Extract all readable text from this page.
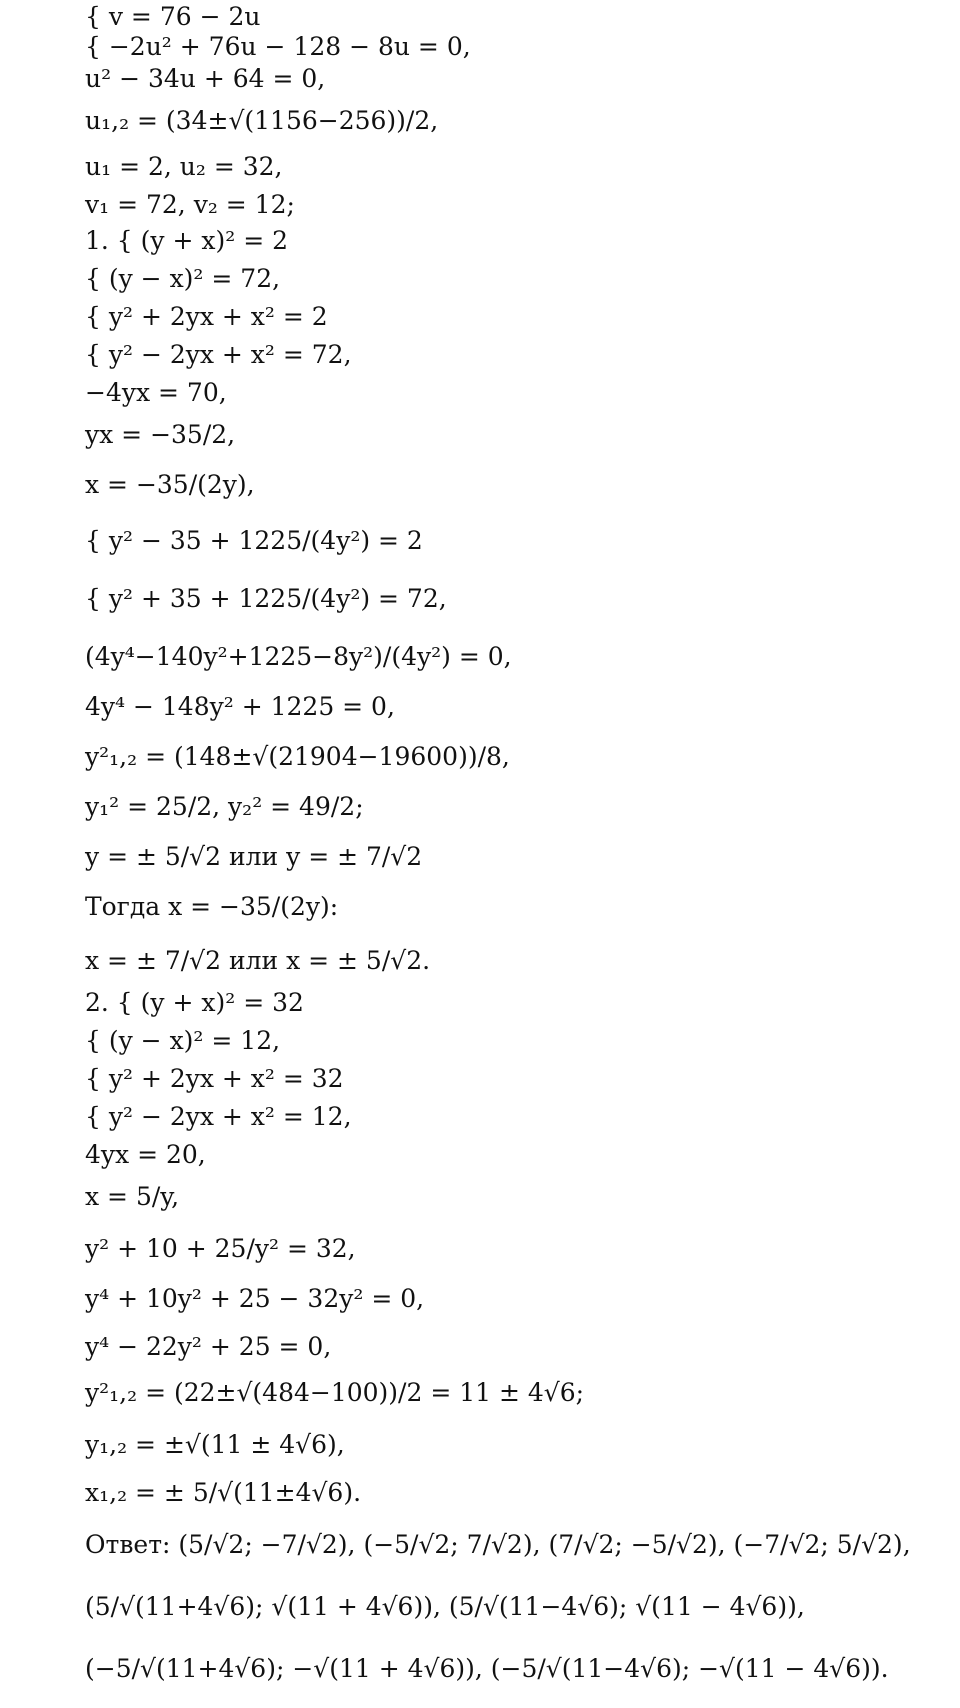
{ v = 76 − 2u
{ −2u² + 76u − 128 − 8u = 0,
u² − 34u + 64 = 0,
u₁,₂ = (34±√(1156−256))/2,
u₁ = 2, u₂ = 32,
v₁ = 72, v₂ = 12;
1. { (y + x)² = 2
{ (y − x)² = 72,
{ y² + 2yx + x² = 2
{ y² − 2yx + x² = 72,
−4yx = 70,
yx = −35/2,
x = −35/(2y),
{ y² − 35 + 1225/(4y²) = 2
{ y² + 35 + 1225/(4y²) = 72,
(4y⁴−140y²+1225−8y²)/(4y²) = 0,
4y⁴ − 148y² + 1225 = 0,
y²₁,₂ = (148±√(21904−19600))/8,
y₁² = 25/2, y₂² = 49/2;
y = ± 5/√2 или y = ± 7/√2
Тогда x = −35/(2y):
x = ± 7/√2 или x = ± 5/√2.
2. { (y + x)² = 32
{ (y − x)² = 12,
{ y² + 2yx + x² = 32
{ y² − 2yx + x² = 12,
4yx = 20,
x = 5/y,
y² + 10 + 25/y² = 32,
y⁴ + 10y² + 25 − 32y² = 0,
y⁴ − 22y² + 25 = 0,
y²₁,₂ = (22±√(484−100))/2 = 11 ± 4√6;
y₁,₂ = ±√(11 ± 4√6),
x₁,₂ = ± 5/√(11±4√6).
Ответ: (5/√2; −7/√2), (−5/√2; 7/√2), (7/√2; −5/√2), (−7/√2; 5/√2),
(5/√(11+4√6); √(11 + 4√6)), (5/√(11−4√6); √(11 − 4√6)),
(−5/√(11+4√6); −√(11 + 4√6)), (−5/√(11−4√6); −√(11 − 4√6)).
